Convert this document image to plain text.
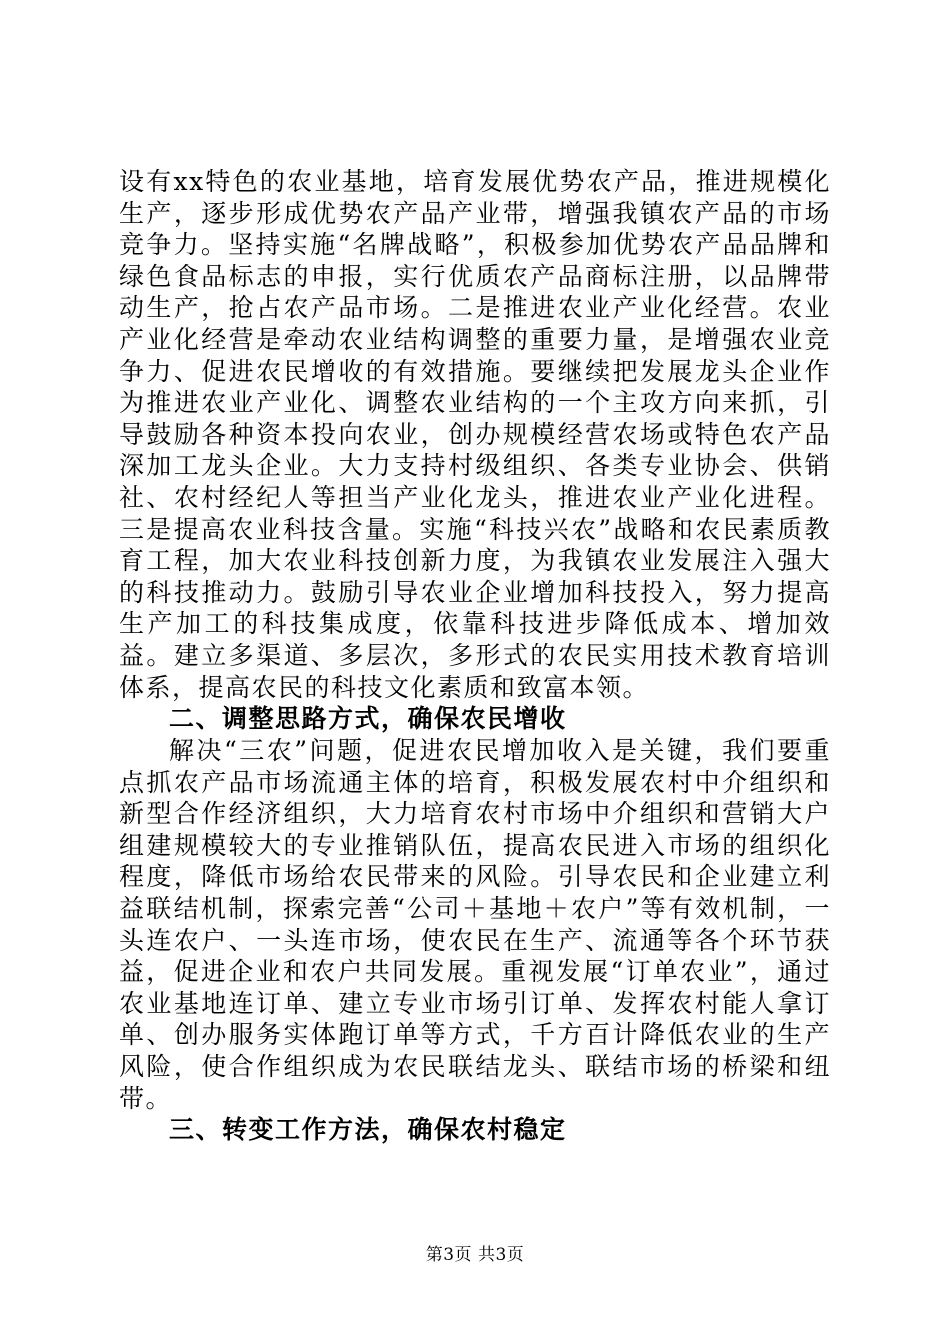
设有xx特色的农业基地，培育发展优势农产品，推进规模化生产，逐步形成优势农产品产业带，增强我镇农产品的市场竞争力。坚持实施“名牌战略”，积极参加优势农产品品牌和绿色食品标志的申报，实行优质农产品商标注册，以品牌带动生产，抢占农产品市场。二是推进农业产业化经营。农业产业化经营是牵动农业结构调整的重要力量，是增强农业竞争力、促进农民增收的有效措施。要继续把发展龙头企业作为推进农业产业化、调整农业结构的一个主攻方向来抓，引导鼓励各种资本投向农业，创办规模经营农场或特色农产品深加工龙头企业。大力支持村级组织、各类专业协会、供销社、农村经纪人等担当产业化龙头，推进农业产业化进程。三是提高农业科技含量。实施“科技兴农”战略和农民素质教育工程，加大农业科技创新力度，为我镇农业发展注入强大的科技推动力。鼓励引导农业企业增加科技投入，努力提高生产加工的科技集成度，依靠科技进步降低成本、增加效益。建立多渠道、多层次，多形式的农民实用技术教育培训体系，提高农民的科技文化素质和致富本领。

二、调整思路方式，确保农民增收

解决“三农”问题，促进农民增加收入是关键，我们要重点抓农产品市场流通主体的培育，积极发展农村中介组织和新型合作经济组织，大力培育农村市场中介组织和营销大户组建规模较大的专业推销队伍，提高农民进入市场的组织化程度，降低市场给农民带来的风险。引导农民和企业建立利益联结机制，探索完善“公司＋基地＋农户”等有效机制，一头连农户、一头连市场，使农民在生产、流通等各个环节获益，促进企业和农户共同发展。重视发展“订单农业”，通过农业基地连订单、建立专业市场引订单、发挥农村能人拿订单、创办服务实体跑订单等方式，千方百计降低农业的生产风险，使合作组织成为农民联结龙头、联结市场的桥梁和纽带。

三、转变工作方法，确保农村稳定

第3页 共3页
